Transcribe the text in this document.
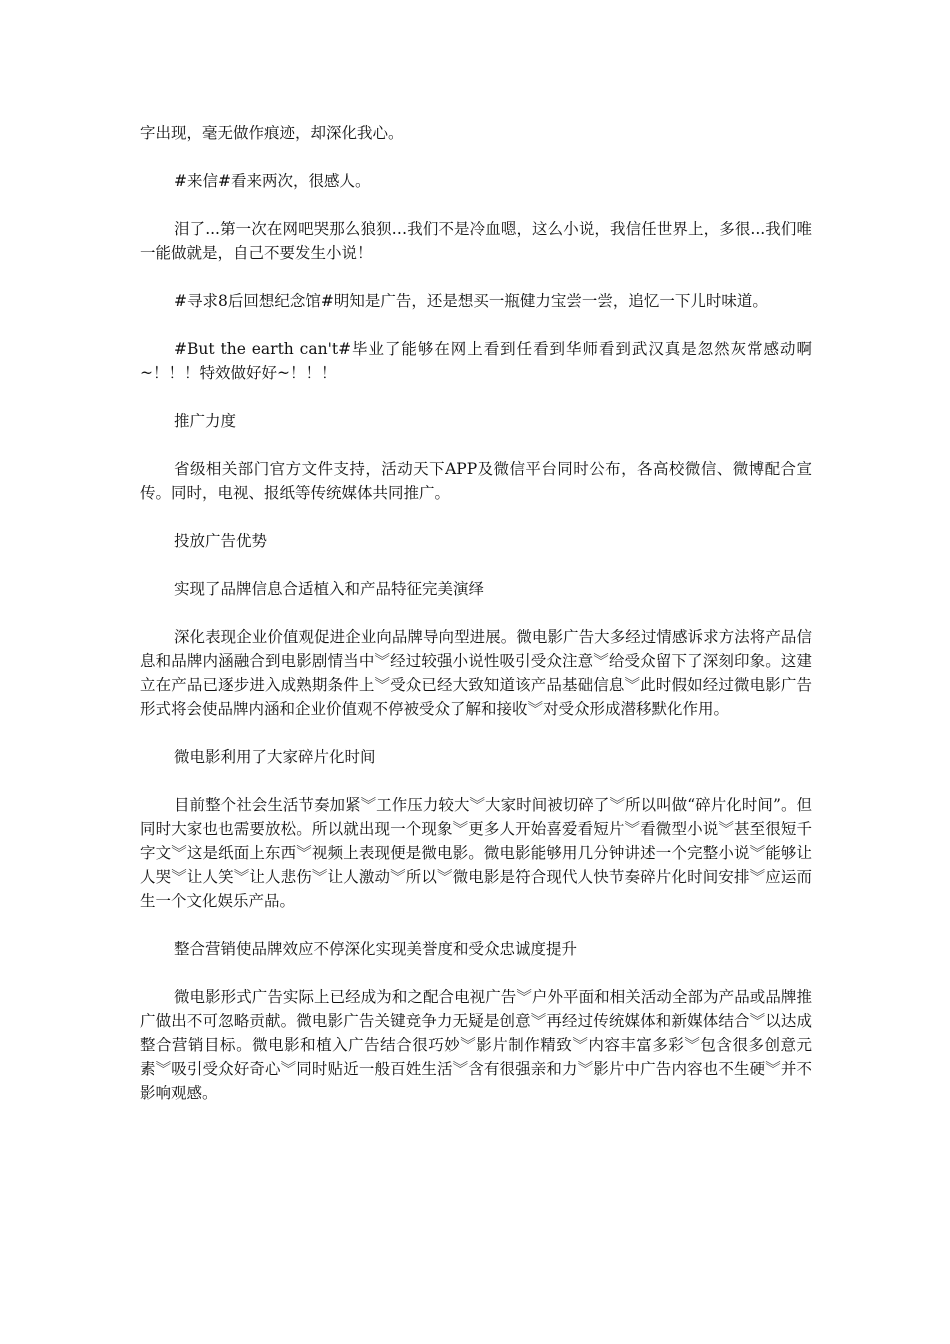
字出现，毫无做作痕迹，却深化我心。

#来信#看来两次，很感人。

泪了...第一次在网吧哭那么狼狈…我们不是冷血嗯，这么小说，我信任世界上，多很...我们唯一能做就是，自己不要发生小说！

#寻求8后回想纪念馆#明知是广告，还是想买一瓶健力宝尝一尝，追忆一下儿时味道。

#But the earth can't#毕业了能够在网上看到任看到华师看到武汉真是忽然灰常感动啊~！！！特效做好好~！！！

推广力度

省级相关部门官方文件支持，活动天下APP及微信平台同时公布，各高校微信、微博配合宣传。同时，电视、报纸等传统媒体共同推广。

投放广告优势

实现了品牌信息合适植入和产品特征完美演绎

深化表现企业价值观促进企业向品牌导向型进展。微电影广告大多经过情感诉求方法将产品信息和品牌内涵融合到电影剧情当中︾经过较强小说性吸引受众注意︾给受众留下了深刻印象。这建立在产品已逐步进入成熟期条件上︾受众已经大致知道该产品基础信息︾此时假如经过微电影广告形式将会使品牌内涵和企业价值观不停被受众了解和接收︾对受众形成潜移默化作用。

微电影利用了大家碎片化时间

目前整个社会生活节奏加紧︾工作压力较大︾大家时间被切碎了︾所以叫做“碎片化时间”。但同时大家也也需要放松。所以就出现一个现象︾更多人开始喜爱看短片︾看微型小说︾甚至很短千字文︾这是纸面上东西︾视频上表现便是微电影。微电影能够用几分钟讲述一个完整小说︾能够让人哭︾让人笑︾让人悲伤︾让人激动︾所以︾微电影是符合现代人快节奏碎片化时间安排︾应运而生一个文化娱乐产品。

整合营销使品牌效应不停深化实现美誉度和受众忠诚度提升

微电影形式广告实际上已经成为和之配合电视广告︾户外平面和相关活动全部为产品或品牌推广做出不可忽略贡献。微电影广告关键竞争力无疑是创意︾再经过传统媒体和新媒体结合︾以达成整合营销目标。微电影和植入广告结合很巧妙︾影片制作精致︾内容丰富多彩︾包含很多创意元素︾吸引受众好奇心︾同时贴近一般百姓生活︾含有很强亲和力︾影片中广告内容也不生硬︾并不影响观感。
